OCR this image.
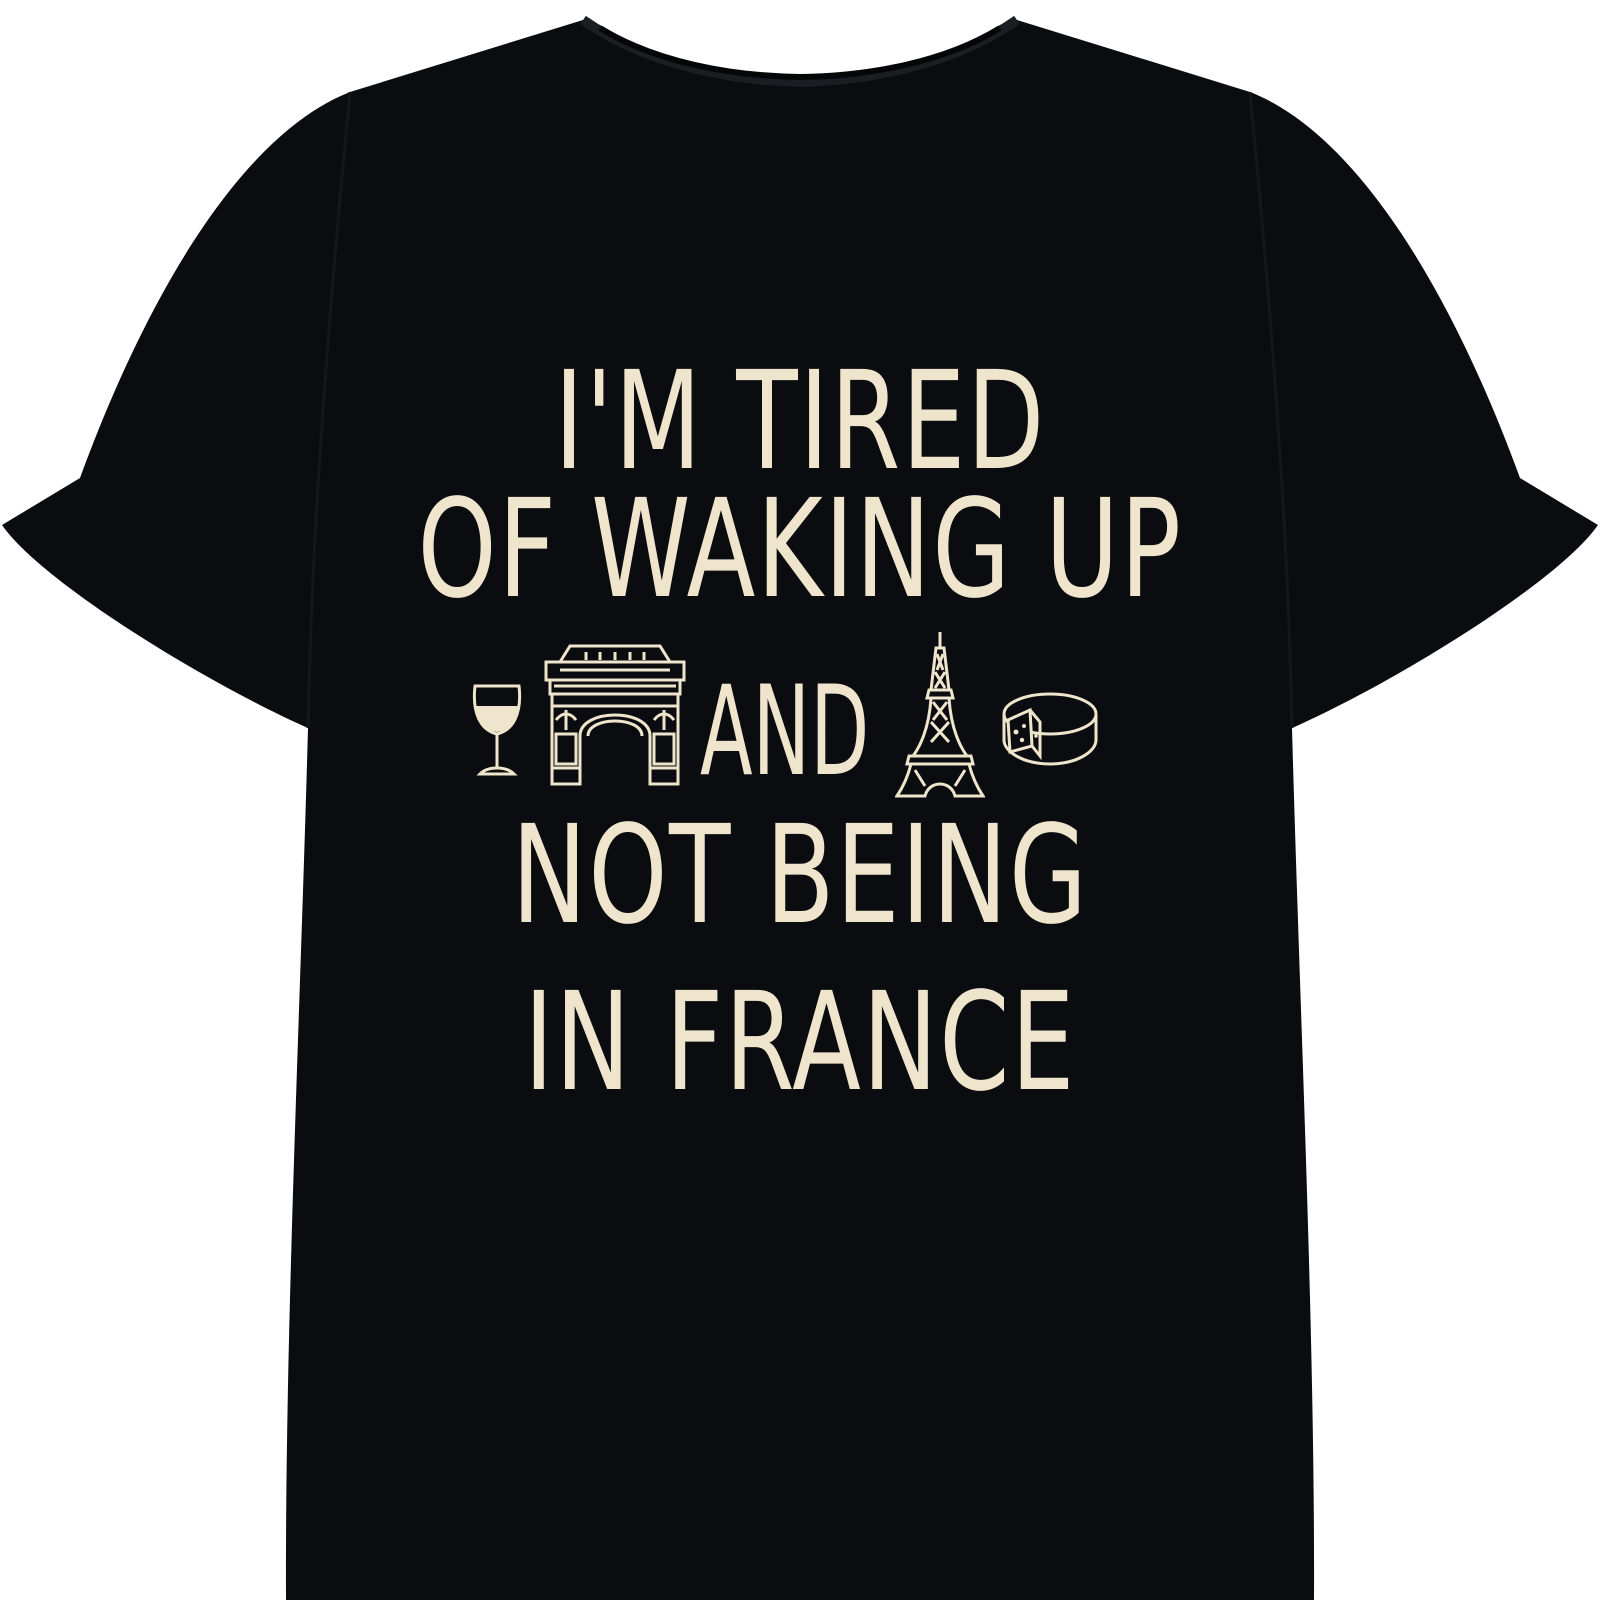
I'M TIRED
OF WAKING UP
AND
NOT BEING
IN FRANCE
